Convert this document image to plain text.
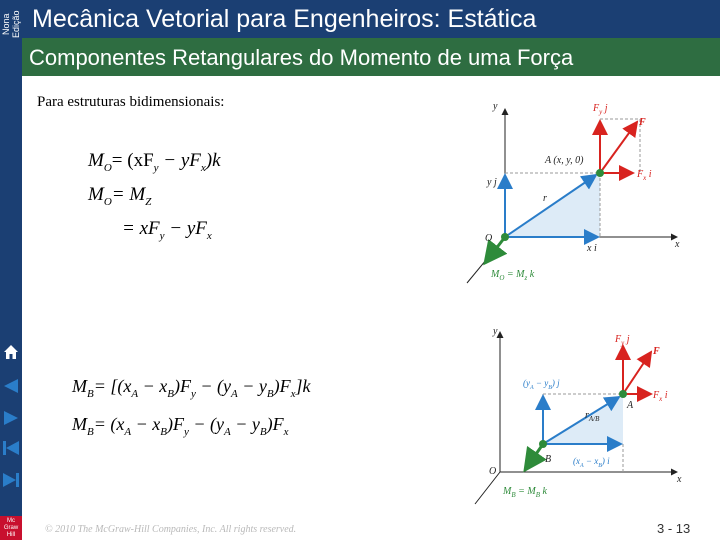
Nona Edição Mecânica Vetorial para Engenheiros: Estática
Componentes Retangulares do Momento de uma Força
Mc Graw Hill
Para estruturas bidimensionais:
$M_O= (xF_y - yF_x)k$
$M_O= M_Z$
= $xF_y - yF_x$
$M_B= [(x_A - x_B)F_y - (y_A - y_B)F_x]k$
$M_B= (x_A - x_B)F_y - (y_A - y_B)F_x$
y
x
O
y j
r
x i
A (x, y, 0)
$F_y$ j
F
$F_x$ i
$M_O = M_z$ k
y
x
O
B
A
$r_{A/B}$
$(y_A - y_B)$ j
$(x_A - x_B)$ i
$F_y$ j
F
$F_x$ i
$M_B = M_B$ k
© 2010 The McGraw-Hill Companies, Inc. All rights reserved.	3 - 13
